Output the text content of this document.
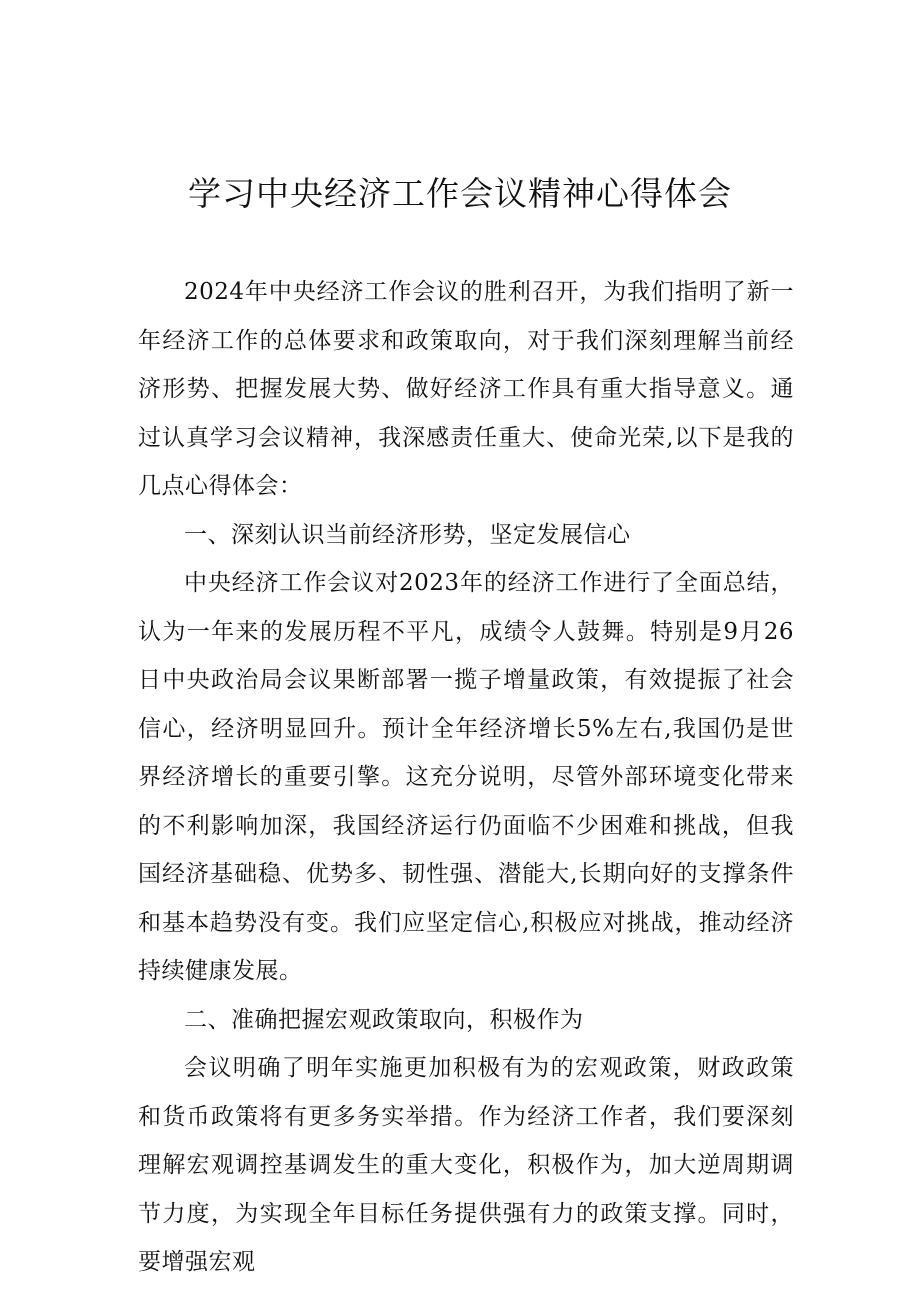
学习中央经济工作会议精神心得体会

2024年中央经济工作会议的胜利召开，为我们指明了新一年经济工作的总体要求和政策取向，对于我们深刻理解当前经济形势、把握发展大势、做好经济工作具有重大指导意义。通过认真学习会议精神，我深感责任重大、使命光荣,以下是我的几点心得体会：

一、深刻认识当前经济形势，坚定发展信心

中央经济工作会议对2023年的经济工作进行了全面总结，认为一年来的发展历程不平凡，成绩令人鼓舞。特别是9月26日中央政治局会议果断部署一揽子增量政策，有效提振了社会信心，经济明显回升。预计全年经济增长5%左右,我国仍是世界经济增长的重要引擎。这充分说明，尽管外部环境变化带来的不利影响加深，我国经济运行仍面临不少困难和挑战，但我国经济基础稳、优势多、韧性强、潜能大,长期向好的支撑条件和基本趋势没有变。我们应坚定信心,积极应对挑战，推动经济持续健康发展。

二、准确把握宏观政策取向，积极作为

会议明确了明年实施更加积极有为的宏观政策，财政政策和货币政策将有更多务实举措。作为经济工作者，我们要深刻理解宏观调控基调发生的重大变化，积极作为，加大逆周期调节力度，为实现全年目标任务提供强有力的政策支撑。同时，要增强宏观
